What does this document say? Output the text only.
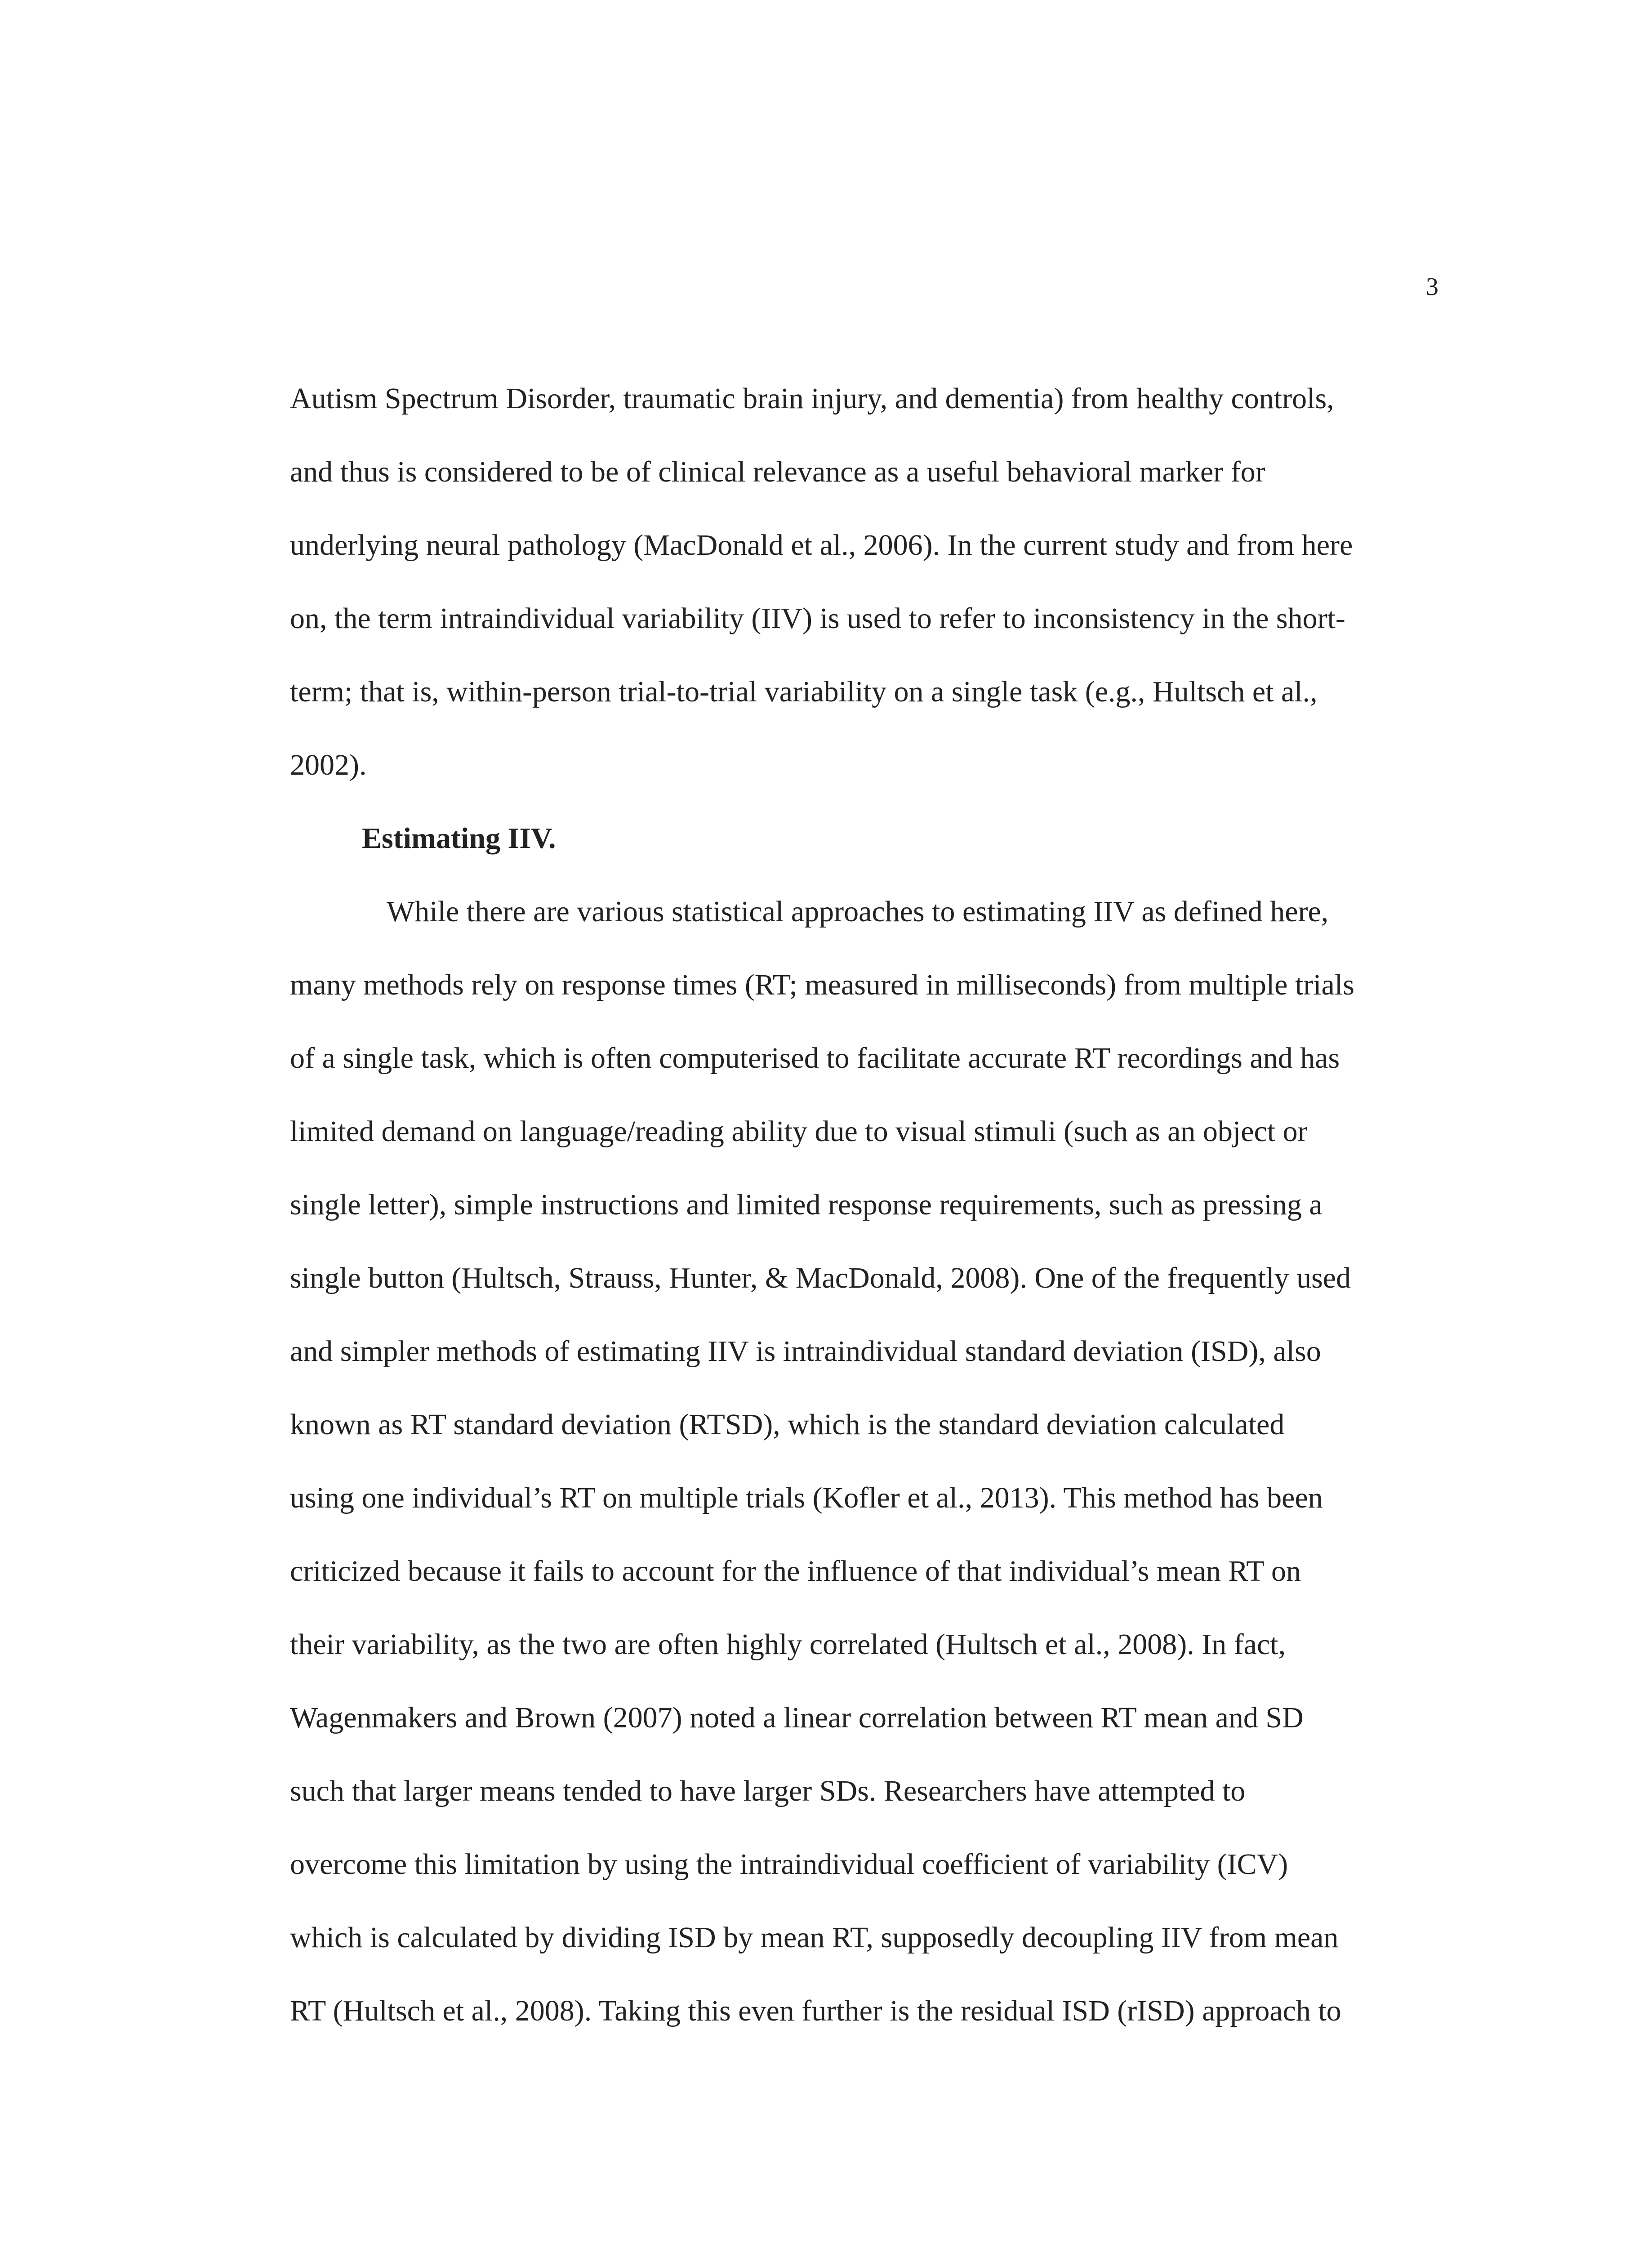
3
Autism Spectrum Disorder, traumatic brain injury, and dementia) from healthy controls,
and thus is considered to be of clinical relevance as a useful behavioral marker for
underlying neural pathology (MacDonald et al., 2006). In the current study and from here
on, the term intraindividual variability (IIV) is used to refer to inconsistency in the short-
term; that is, within-person trial-to-trial variability on a single task (e.g., Hultsch et al.,
2002).
Estimating IIV.
While there are various statistical approaches to estimating IIV as defined here,
many methods rely on response times (RT; measured in milliseconds) from multiple trials
of a single task, which is often computerised to facilitate accurate RT recordings and has
limited demand on language/reading ability due to visual stimuli (such as an object or
single letter), simple instructions and limited response requirements, such as pressing a
single button (Hultsch, Strauss, Hunter, & MacDonald, 2008). One of the frequently used
and simpler methods of estimating IIV is intraindividual standard deviation (ISD), also
known as RT standard deviation (RTSD), which is the standard deviation calculated
using one individual’s RT on multiple trials (Kofler et al., 2013). This method has been
criticized because it fails to account for the influence of that individual’s mean RT on
their variability, as the two are often highly correlated (Hultsch et al., 2008). In fact,
Wagenmakers and Brown (2007) noted a linear correlation between RT mean and SD
such that larger means tended to have larger SDs. Researchers have attempted to
overcome this limitation by using the intraindividual coefficient of variability (ICV)
which is calculated by dividing ISD by mean RT, supposedly decoupling IIV from mean
RT (Hultsch et al., 2008). Taking this even further is the residual ISD (rISD) approach to
